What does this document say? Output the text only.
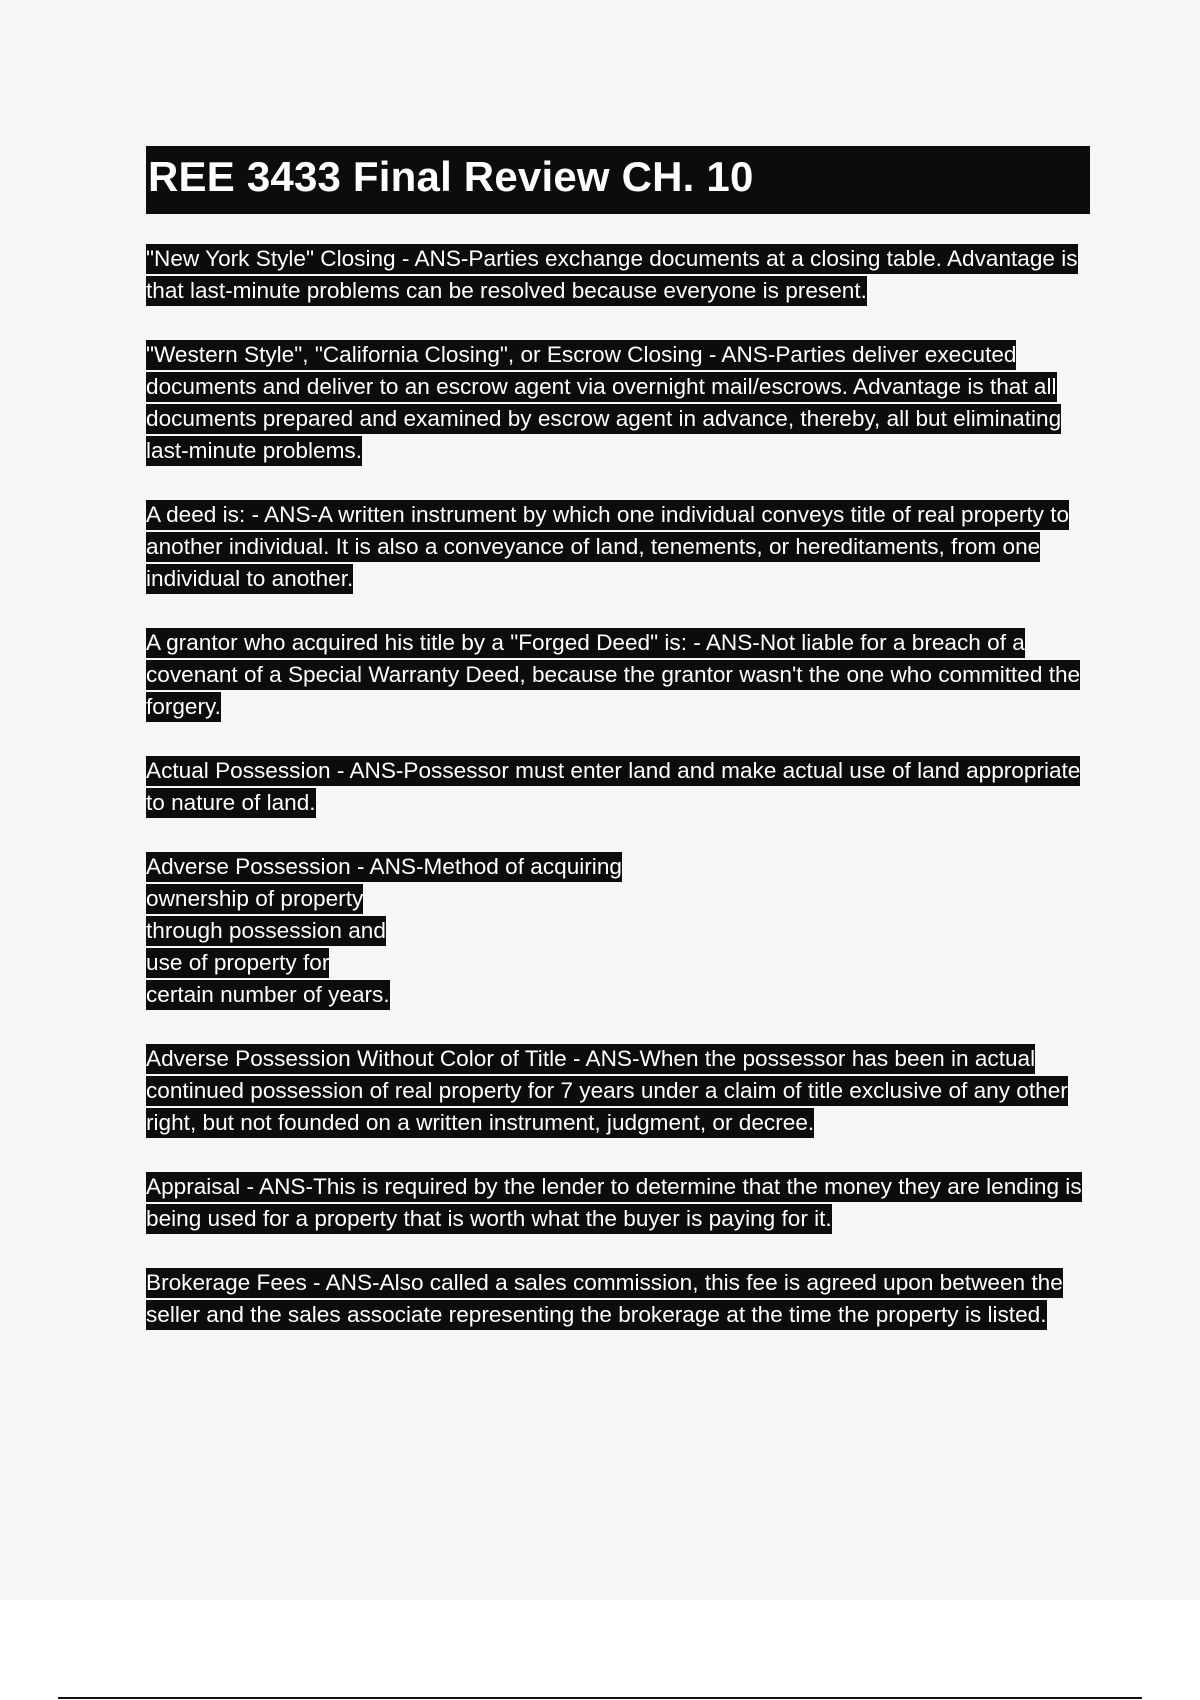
REE 3433 Final Review CH. 10

"New York Style" Closing - ANS-Parties exchange documents at a closing table. Advantage is that last-minute problems can be resolved because everyone is present.

"Western Style", "California Closing", or Escrow Closing - ANS-Parties deliver executed documents and deliver to an escrow agent via overnight mail/escrows. Advantage is that all documents prepared and examined by escrow agent in advance, thereby, all but eliminating last-minute problems.

A deed is: - ANS-A written instrument by which one individual conveys title of real property to another individual. It is also a conveyance of land, tenements, or hereditaments, from one individual to another.

A grantor who acquired his title by a "Forged Deed" is: - ANS-Not liable for a breach of a covenant of a Special Warranty Deed, because the grantor wasn't the one who committed the forgery.

Actual Possession - ANS-Possessor must enter land and make actual use of land appropriate to nature of land.

Adverse Possession - ANS-Method of acquiring
ownership of property
through possession and
use of property for
certain number of years.

Adverse Possession Without Color of Title - ANS-When the possessor has been in actual continued possession of real property for 7 years under a claim of title exclusive of any other right, but not founded on a written instrument, judgment, or decree.

Appraisal - ANS-This is required by the lender to determine that the money they are lending is being used for a property that is worth what the buyer is paying for it.

Brokerage Fees - ANS-Also called a sales commission, this fee is agreed upon between the seller and the sales associate representing the brokerage at the time the property is listed.
